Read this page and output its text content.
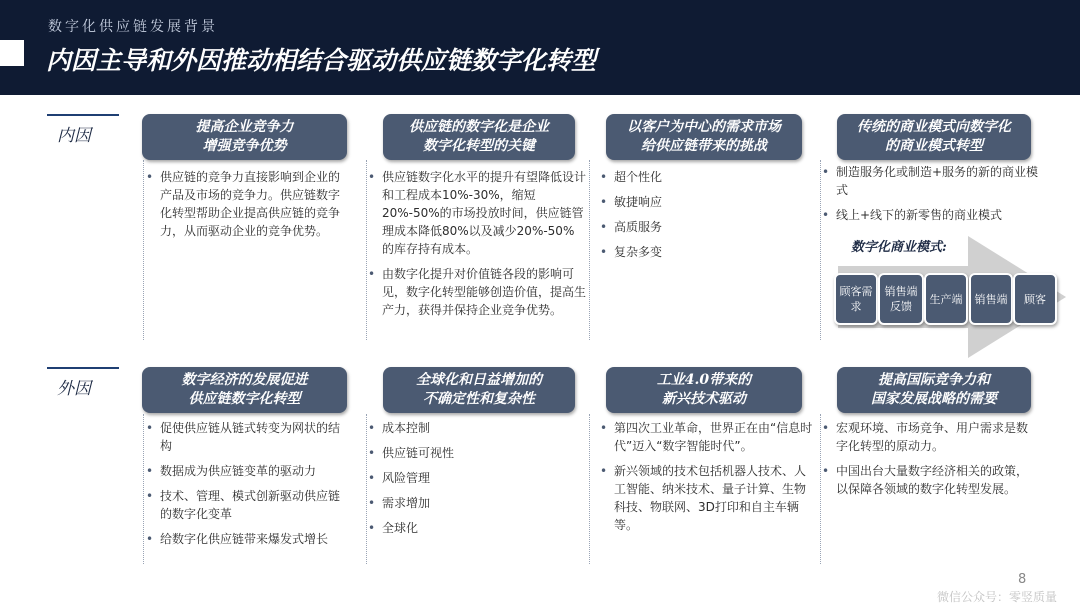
数字化供应链发展背景
内因主导和外因推动相结合驱动供应链数字化转型
内因
外因
提高企业竞争力
增强竞争优势
• 供应链的竞争力直接影响到企业的产品及市场的竞争力。供应链数字化转型帮助企业提高供应链的竞争力，从而驱动企业的竞争优势。
供应链的数字化是企业
数字化转型的关键
• 供应链数字化水平的提升有望降低设计和工程成本10%-30%，缩短20%-50%的市场投放时间，供应链管理成本降低80%以及减少20%-50%的库存持有成本。
• 由数字化提升对价值链各段的影响可见，数字化转型能够创造价值，提高生产力，获得并保持企业竞争优势。
以客户为中心的需求市场
给供应链带来的挑战
• 超个性化
• 敏捷响应
• 高质服务
• 复杂多变
传统的商业模式向数字化
的商业模式转型
• 制造服务化或制造+服务的新的商业模式
• 线上+线下的新零售的商业模式
数字化商业模式:
顾客需求
销售端反馈
生产端 销售端 顾客
数字经济的发展促进
供应链数字化转型
• 促使供应链从链式转变为网状的结构
• 数据成为供应链变革的驱动力
• 技术、管理、模式创新驱动供应链的数字化变革
• 给数字化供应链带来爆发式增长
全球化和日益增加的
不确定性和复杂性
• 成本控制
• 供应链可视性
• 风险管理
• 需求增加
• 全球化
工业4.0带来的
新兴技术驱动
• 第四次工业革命，世界正在由“信息时代”迈入“数字智能时代”。
• 新兴领域的技术包括机器人技术、人工智能、纳米技术、量子计算、生物科技、物联网、3D打印和自主车辆等。
提高国际竞争力和
国家发展战略的需要
• 宏观环境、市场竞争、用户需求是数字化转型的原动力。
• 中国出台大量数字经济相关的政策，以保障各领域的数字化转型发展。
8
微信公众号：零竖质量
